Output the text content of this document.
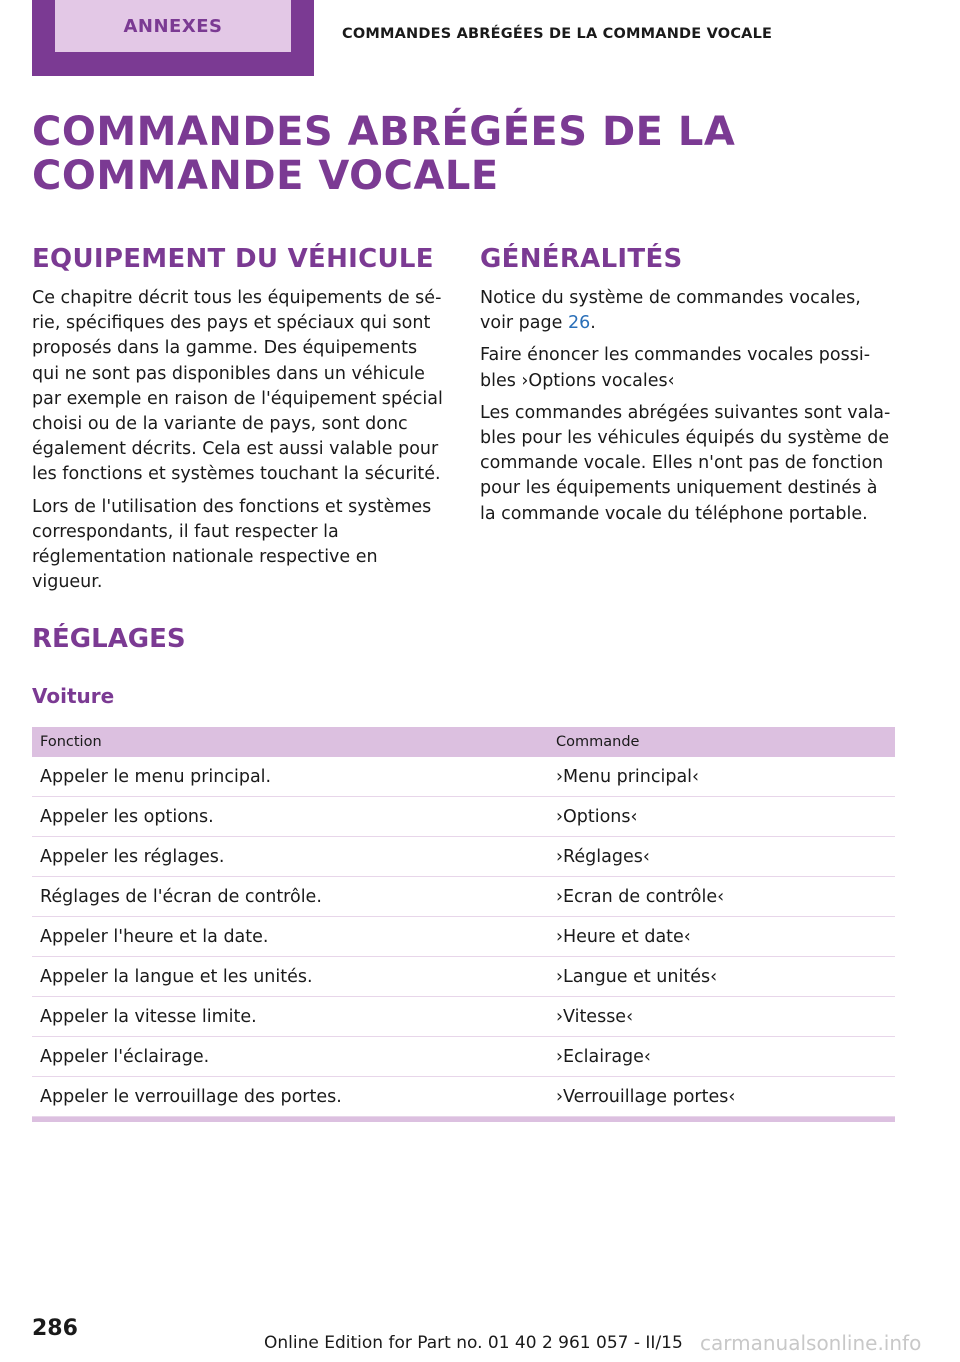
ANNEXES	COMMANDES ABRÉGÉES DE LA COMMANDE VOCALE
COMMANDES ABRÉGÉES DE LA
COMMANDE VOCALE
EQUIPEMENT DU VÉHICULE

Ce chapitre décrit tous les équipements de série, spécifiques des pays et spéciaux qui sont proposés dans la gamme. Des équipements qui ne sont pas disponibles dans un véhicule par exemple en raison de l'équipement spécial choisi ou de la variante de pays, sont donc également décrits. Cela est aussi valable pour les fonctions et systèmes touchant la sécurité.

Lors de l'utilisation des fonctions et systèmes correspondants, il faut respecter la réglementation nationale respective en vigueur.

GÉNÉRALITÉS

Notice du système de commandes vocales, voir page 26.

Faire énoncer les commandes vocales possibles ›Options vocales‹

Les commandes abrégées suivantes sont valables pour les véhicules équipés du système de commande vocale. Elles n'ont pas de fonction pour les équipements uniquement destinés à la commande vocale du téléphone portable.

RÉGLAGES
Voiture
Fonction	Commande
Appeler le menu principal.	›Menu principal‹
Appeler les options.	›Options‹
Appeler les réglages.	›Réglages‹
Réglages de l'écran de contrôle.	›Ecran de contrôle‹
Appeler l'heure et la date.	›Heure et date‹
Appeler la langue et les unités.	›Langue et unités‹
Appeler la vitesse limite.	›Vitesse‹
Appeler l'éclairage.	›Eclairage‹
Appeler le verrouillage des portes.	›Verrouillage portes‹
286
Online Edition for Part no. 01 40 2 961 057 - II/15 carmanualsonline.info
